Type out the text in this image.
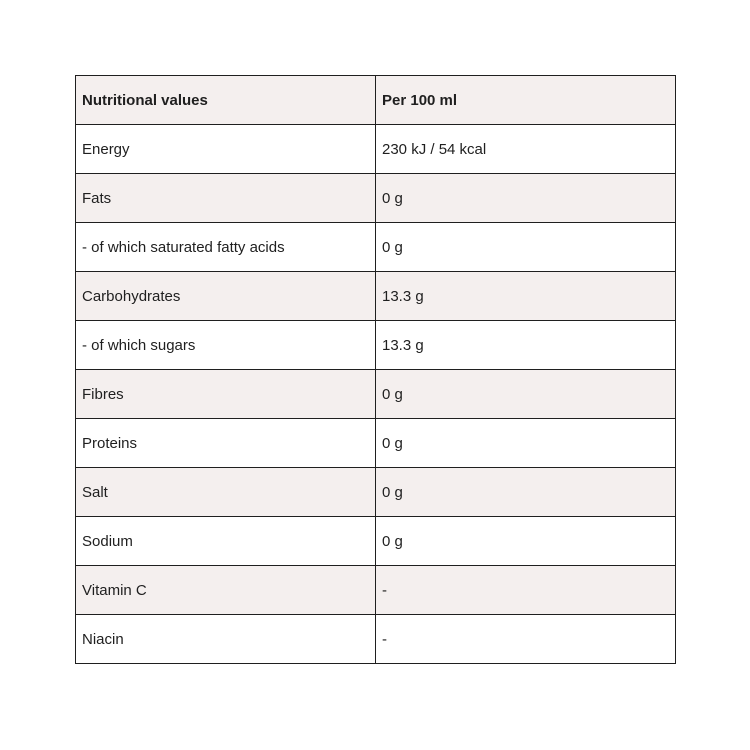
Nutritional values	Per 100 ml
Energy	230 kJ / 54 kcal
Fats	0 g
- of which saturated fatty acids	0 g
Carbohydrates	13.3 g
- of which sugars	13.3 g
Fibres	0 g
Proteins	0 g
Salt	0 g
Sodium	0 g
Vitamin C	-
Niacin	-
